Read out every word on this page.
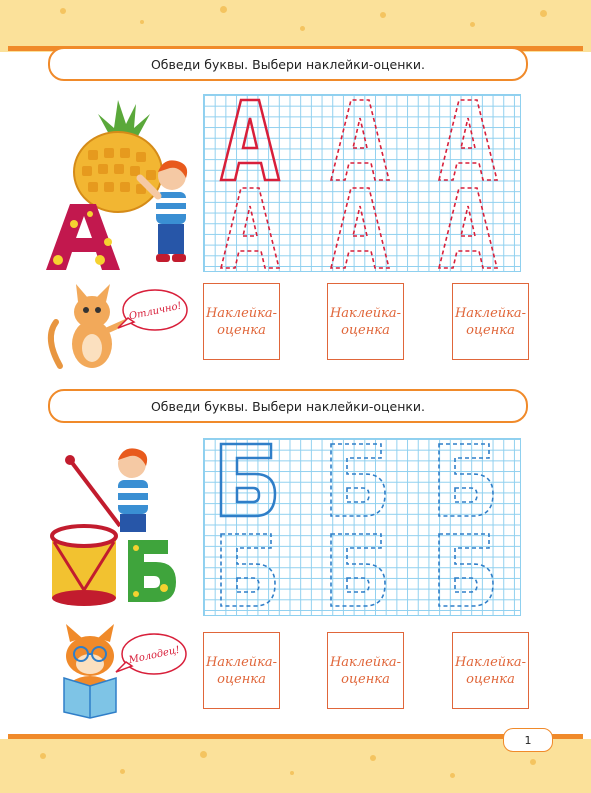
Обведи буквы. Выбери наклейки-оценки.
Отлично! Наклейка-
оценка
Наклейка-
оценка
Наклейка-
оценка
Обведи буквы. Выбери наклейки-оценки.
Молодец! Наклейка-
оценка
Наклейка-
оценка
Наклейка-
оценка
1
